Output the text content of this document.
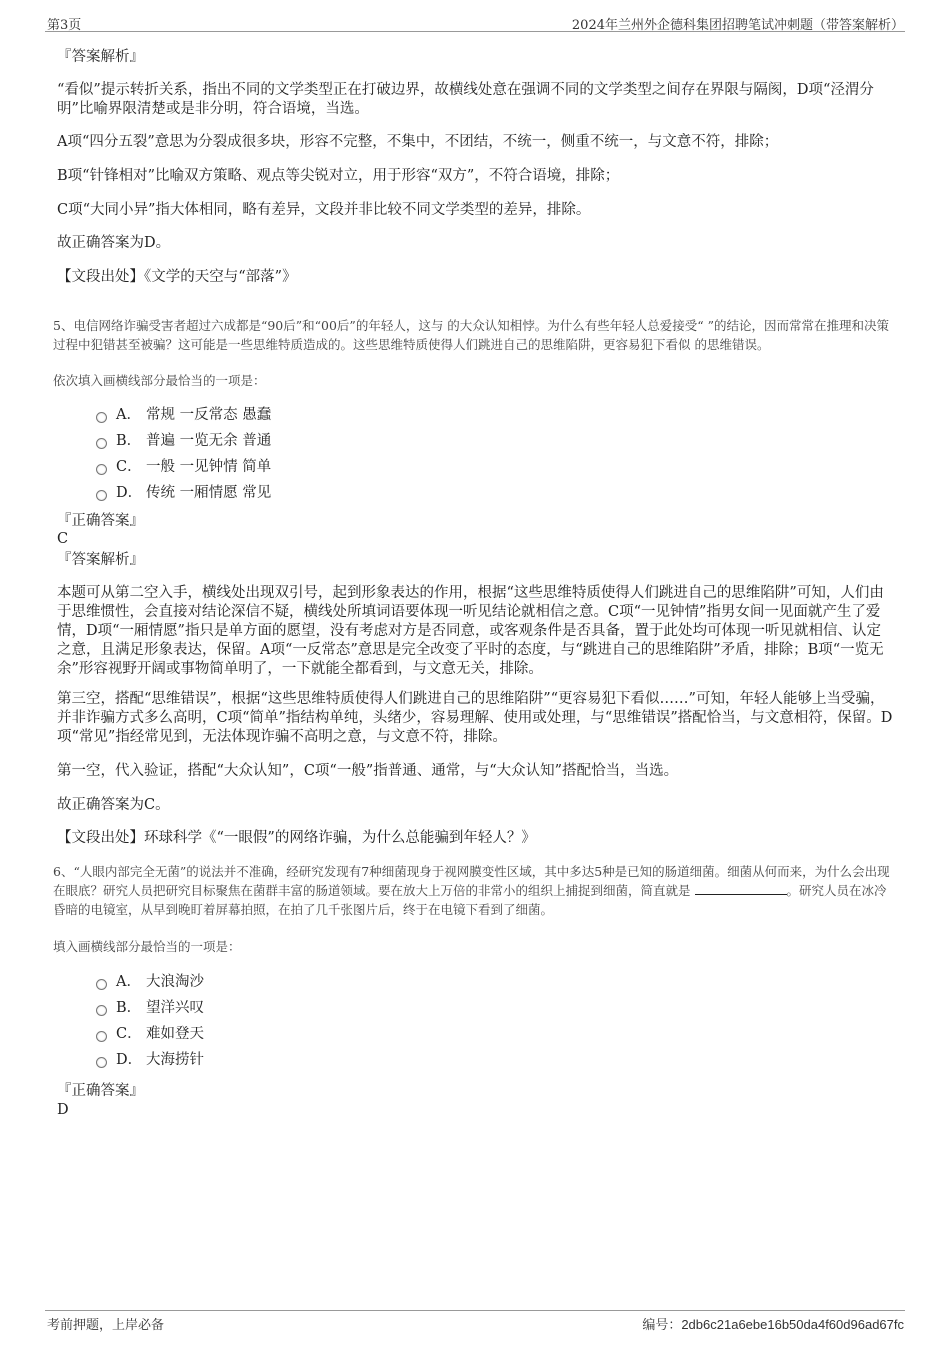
第3页	2024年兰州外企德科集团招聘笔试冲刺题（带答案解析）
『答案解析』
“看似”提示转折关系，指出不同的文学类型正在打破边界，故横线处意在强调不同的文学类型之间存在界限与隔阂，D项“泾渭分明”比喻界限清楚或是非分明，符合语境，当选。
A项“四分五裂”意思为分裂成很多块，形容不完整，不集中，不团结，不统一，侧重不统一，与文意不符，排除；
B项“针锋相对”比喻双方策略、观点等尖锐对立，用于形容“双方”，不符合语境，排除；
C项“大同小异”指大体相同，略有差异，文段并非比较不同文学类型的差异，排除。
故正确答案为D。
【文段出处】《文学的天空与“部落”》
5、电信网络诈骗受害者超过六成都是“90后”和“00后”的年轻人，这与 的大众认知相悖。为什么有些年轻人总爱接受“ ”的结论，因而常常在推理和决策过程中犯错甚至被骗？这可能是一些思维特质造成的。这些思维特质使得人们跳进自己的思维陷阱，更容易犯下看似 的思维错误。
依次填入画横线部分最恰当的一项是：
A． 常规 一反常态 愚蠢
B． 普遍 一览无余 普通
C． 一般 一见钟情 简单
D． 传统 一厢情愿 常见
『正确答案』
C
『答案解析』
本题可从第二空入手，横线处出现双引号，起到形象表达的作用，根据“这些思维特质使得人们跳进自己的思维陷阱”可知，人们由于思维惯性，会直接对结论深信不疑，横线处所填词语要体现一听见结论就相信之意。C项“一见钟情”指男女间一见面就产生了爱情，D项“一厢情愿”指只是单方面的愿望，没有考虑对方是否同意，或客观条件是否具备，置于此处均可体现一听见就相信、认定之意，且满足形象表达，保留。A项“一反常态”意思是完全改变了平时的态度，与“跳进自己的思维陷阱”矛盾，排除；B项“一览无余”形容视野开阔或事物简单明了，一下就能全都看到，与文意无关，排除。
第三空，搭配“思维错误”，根据“这些思维特质使得人们跳进自己的思维陷阱”“更容易犯下看似……”可知，年轻人能够上当受骗，并非诈骗方式多么高明，C项“简单”指结构单纯，头绪少，容易理解、使用或处理，与“思维错误”搭配恰当，与文意相符，保留。D项“常见”指经常见到，无法体现诈骗不高明之意，与文意不符，排除。
第一空，代入验证，搭配“大众认知”，C项“一般”指普通、通常，与“大众认知”搭配恰当，当选。
故正确答案为C。
【文段出处】环球科学《“一眼假”的网络诈骗，为什么总能骗到年轻人？》
6、“人眼内部完全无菌”的说法并不准确，经研究发现有7种细菌现身于视网膜变性区域，其中多达5种是已知的肠道细菌。细菌从何而来，为什么会出现在眼底？研究人员把研究目标聚焦在菌群丰富的肠道领域。要在放大上万倍的非常小的组织上捕捉到细菌，简直就是	。研究人员在冰冷昏暗的电镜室，从早到晚盯着屏幕拍照，在拍了几千张图片后，终于在电镜下看到了细菌。
填入画横线部分最恰当的一项是：
A． 大浪淘沙
B． 望洋兴叹
C． 难如登天
D． 大海捞针
『正确答案』
D
考前押题，上岸必备	编号：2db6c21a6ebe16b50da4f60d96ad67fc
